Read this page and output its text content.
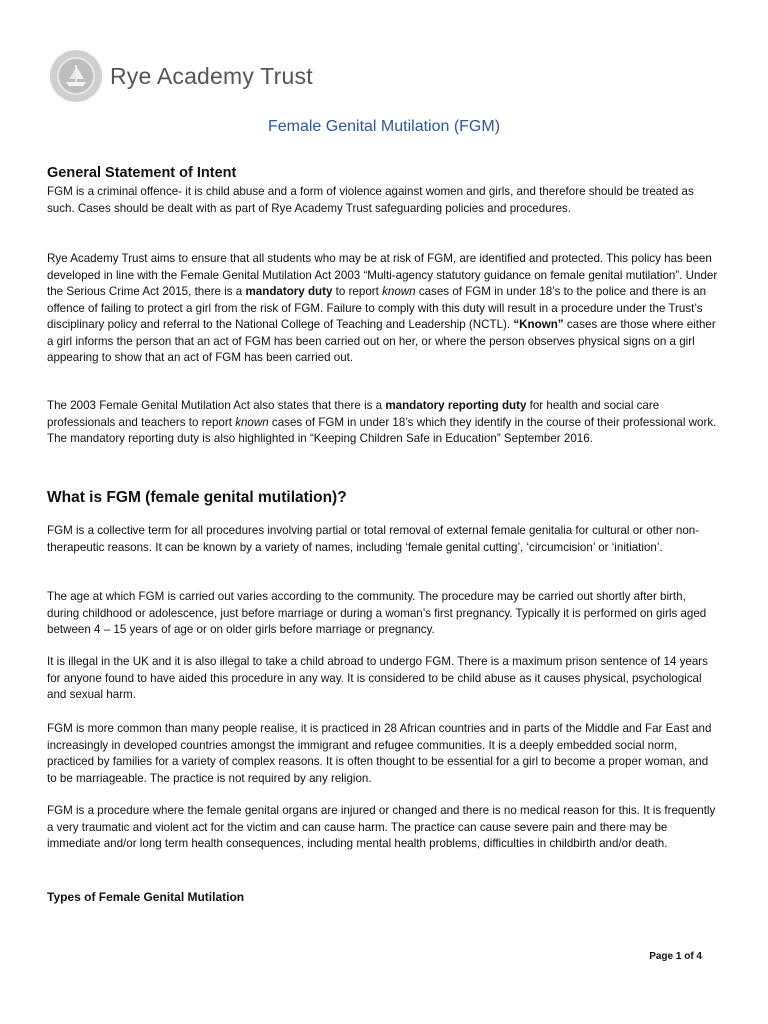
Rye Academy Trust
Female Genital Mutilation (FGM)
General Statement of Intent

FGM is a criminal offence- it is child abuse and a form of violence against women and girls, and therefore should be treated as such. Cases should be dealt with as part of Rye Academy Trust safeguarding policies and procedures.

Rye Academy Trust aims to ensure that all students who may be at risk of FGM, are identified and protected. This policy has been developed in line with the Female Genital Mutilation Act 2003 “Multi-agency statutory guidance on female genital mutilation”. Under the Serious Crime Act 2015, there is a mandatory duty to report known cases of FGM in under 18’s to the police and there is an offence of failing to protect a girl from the risk of FGM. Failure to comply with this duty will result in a procedure under the Trust’s disciplinary policy and referral to the National College of Teaching and Leadership (NCTL). “Known” cases are those where either a girl informs the person that an act of FGM has been carried out on her, or where the person observes physical signs on a girl appearing to show that an act of FGM has been carried out.

The 2003 Female Genital Mutilation Act also states that there is a mandatory reporting duty for health and social care professionals and teachers to report known cases of FGM in under 18’s which they identify in the course of their professional work. The mandatory reporting duty is also highlighted in “Keeping Children Safe in Education” September 2016.

What is FGM (female genital mutilation)?

FGM is a collective term for all procedures involving partial or total removal of external female genitalia for cultural or other non-therapeutic reasons. It can be known by a variety of names, including ‘female genital cutting’, ‘circumcision’ or ‘initiation’.

The age at which FGM is carried out varies according to the community. The procedure may be carried out shortly after birth, during childhood or adolescence, just before marriage or during a woman’s first pregnancy. Typically it is performed on girls aged between 4 – 15 years of age or on older girls before marriage or pregnancy.

It is illegal in the UK and it is also illegal to take a child abroad to undergo FGM. There is a maximum prison sentence of 14 years for anyone found to have aided this procedure in any way. It is considered to be child abuse as it causes physical, psychological and sexual harm.

FGM is more common than many people realise, it is practiced in 28 African countries and in parts of the Middle and Far East and increasingly in developed countries amongst the immigrant and refugee communities. It is a deeply embedded social norm, practiced by families for a variety of complex reasons. It is often thought to be essential for a girl to become a proper woman, and to be marriageable. The practice is not required by any religion.

FGM is a procedure where the female genital organs are injured or changed and there is no medical reason for this. It is frequently a very traumatic and violent act for the victim and can cause harm. The practice can cause severe pain and there may be immediate and/or long term health consequences, including mental health problems, difficulties in childbirth and/or death.

Types of Female Genital Mutilation
Page 1 of 4
